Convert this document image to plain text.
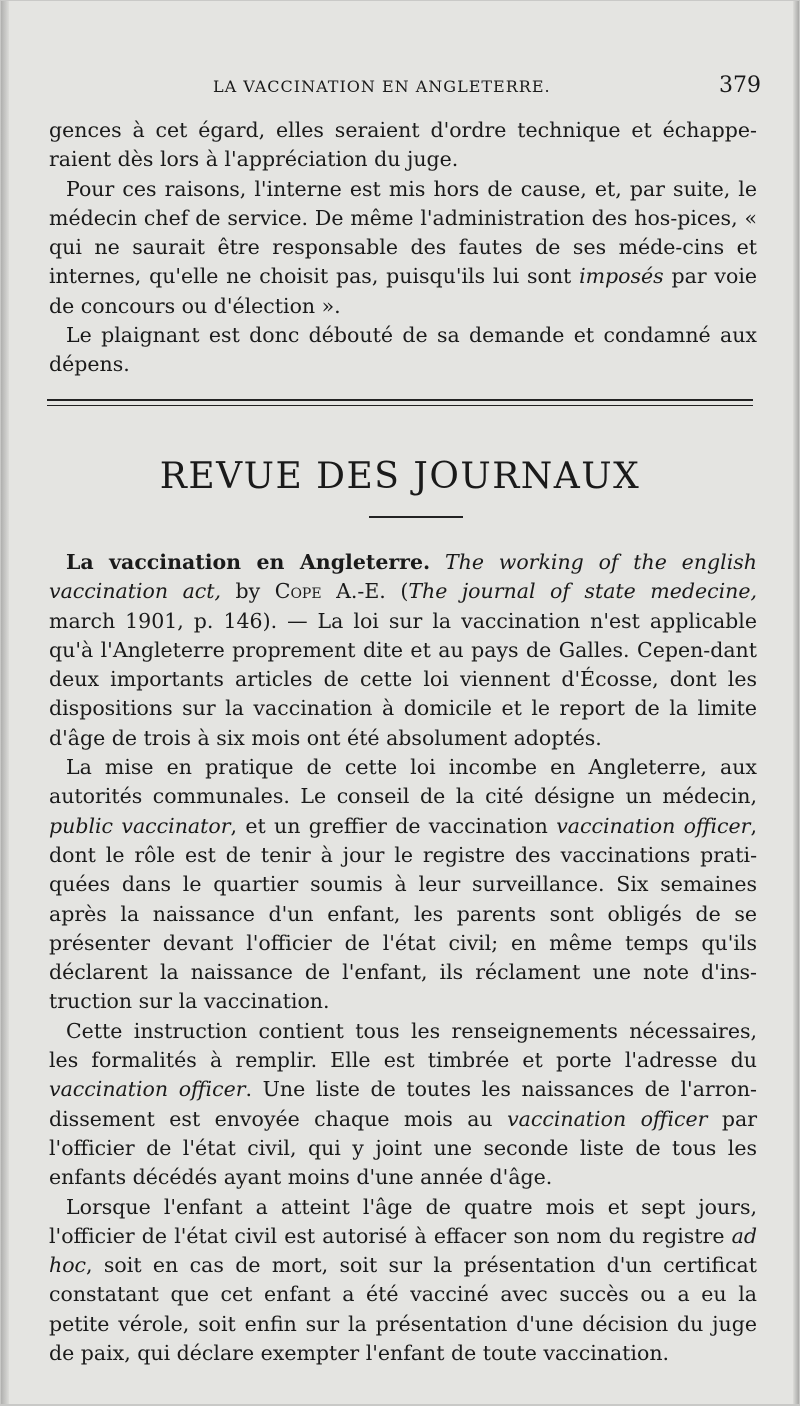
LA VACCINATION EN ANGLETERRE.	379

gences à cet égard, elles seraient d'ordre technique et échappe-raient dès lors à l'appréciation du juge.

Pour ces raisons, l'interne est mis hors de cause, et, par suite, le médecin chef de service. De même l'administration des hos-pices, « qui ne saurait être responsable des fautes de ses méde-cins et internes, qu'elle ne choisit pas, puisqu'ils lui sont imposés par voie de concours ou d'élection ».

Le plaignant est donc débouté de sa demande et condamné aux dépens.

REVUE DES JOURNAUX

La vaccination en Angleterre. The working of the english vaccination act, by Cope A.-E. (The journal of state medecine, march 1901, p. 146). — La loi sur la vaccination n'est applicable qu'à l'Angleterre proprement dite et au pays de Galles. Cepen-dant deux importants articles de cette loi viennent d'Écosse, dont les dispositions sur la vaccination à domicile et le report de la limite d'âge de trois à six mois ont été absolument adoptés.

La mise en pratique de cette loi incombe en Angleterre, aux autorités communales. Le conseil de la cité désigne un médecin, public vaccinator, et un greffier de vaccination vaccination officer, dont le rôle est de tenir à jour le registre des vaccinations prati-quées dans le quartier soumis à leur surveillance. Six semaines après la naissance d'un enfant, les parents sont obligés de se présenter devant l'officier de l'état civil; en même temps qu'ils déclarent la naissance de l'enfant, ils réclament une note d'ins-truction sur la vaccination.

Cette instruction contient tous les renseignements nécessaires, les formalités à remplir. Elle est timbrée et porte l'adresse du vaccination officer. Une liste de toutes les naissances de l'arron-dissement est envoyée chaque mois au vaccination officer par l'officier de l'état civil, qui y joint une seconde liste de tous les enfants décédés ayant moins d'une année d'âge.

Lorsque l'enfant a atteint l'âge de quatre mois et sept jours, l'officier de l'état civil est autorisé à effacer son nom du registre ad hoc, soit en cas de mort, soit sur la présentation d'un certificat constatant que cet enfant a été vacciné avec succès ou a eu la petite vérole, soit enfin sur la présentation d'une décision du juge de paix, qui déclare exempter l'enfant de toute vaccination.
